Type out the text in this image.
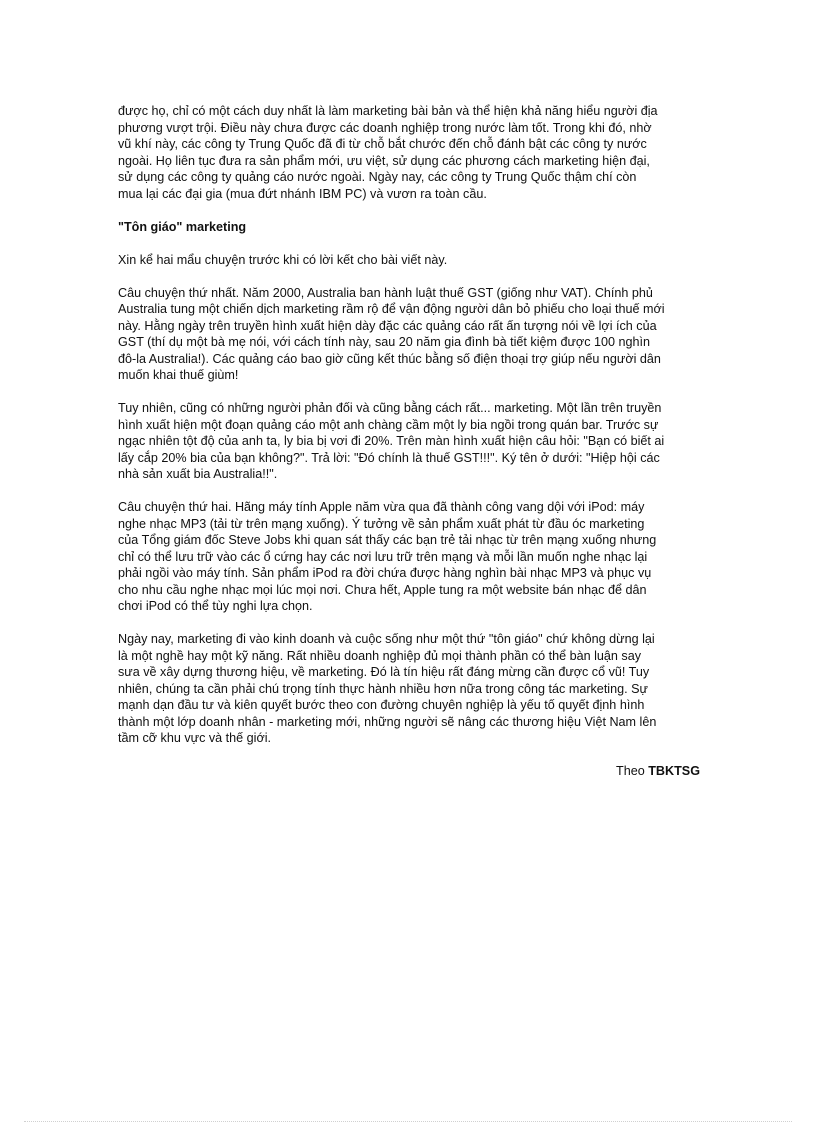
được họ, chỉ có một cách duy nhất là làm marketing bài bản và thể hiện khả năng hiểu người địa
phương vượt trội. Điều này chưa được các doanh nghiệp trong nước làm tốt. Trong khi đó, nhờ
vũ khí này, các công ty Trung Quốc đã đi từ chỗ bắt chước đến chỗ đánh bật các công ty nước
ngoài. Họ liên tục đưa ra sản phẩm mới, ưu việt, sử dụng các phương cách marketing hiện đại,
sử dụng các công ty quảng cáo nước ngoài. Ngày nay, các công ty Trung Quốc thậm chí còn
mua lại các đại gia (mua đứt nhánh IBM PC) và vươn ra toàn cầu.

"Tôn giáo" marketing

Xin kể hai mẩu chuyện trước khi có lời kết cho bài viết này.

Câu chuyện thứ nhất. Năm 2000, Australia ban hành luật thuế GST (giống như VAT). Chính phủ
Australia tung một chiến dịch marketing rầm rộ để vận động người dân bỏ phiếu cho loại thuế mới
này. Hằng ngày trên truyền hình xuất hiện dày đặc các quảng cáo rất ấn tượng nói về lợi ích của
GST (thí dụ một bà mẹ nói, với cách tính này, sau 20 năm gia đình bà tiết kiệm được 100 nghìn
đô-la Australia!). Các quảng cáo bao giờ cũng kết thúc bằng số điện thoại trợ giúp nếu người dân
muốn khai thuế giùm!

Tuy nhiên, cũng có những người phản đối và cũng bằng cách rất... marketing. Một lần trên truyền
hình xuất hiện một đoạn quảng cáo một anh chàng cầm một ly bia ngồi trong quán bar. Trước sự
ngạc nhiên tột độ của anh ta, ly bia bị vơi đi 20%. Trên màn hình xuất hiện câu hỏi: "Bạn có biết ai
lấy cắp 20% bia của bạn không?". Trả lời: "Đó chính là thuế GST!!!". Ký tên ở dưới: "Hiệp hội các
nhà sản xuất bia Australia!!".

Câu chuyện thứ hai. Hãng máy tính Apple năm vừa qua đã thành công vang dội với iPod: máy
nghe nhạc MP3 (tải từ trên mạng xuống). Ý tưởng về sản phẩm xuất phát từ đầu óc marketing
của Tổng giám đốc Steve Jobs khi quan sát thấy các bạn trẻ tải nhạc từ trên mạng xuống nhưng
chỉ có thể lưu trữ vào các ổ cứng hay các nơi lưu trữ trên mạng và mỗi lần muốn nghe nhạc lại
phải ngồi vào máy tính. Sản phẩm iPod ra đời chứa được hàng nghìn bài nhạc MP3 và phục vụ
cho nhu cầu nghe nhạc mọi lúc mọi nơi. Chưa hết, Apple tung ra một website bán nhạc để dân
chơi iPod có thể tùy nghi lựa chọn.

Ngày nay, marketing đi vào kinh doanh và cuộc sống như một thứ "tôn giáo" chứ không dừng lại
là một nghề hay một kỹ năng. Rất nhiều doanh nghiệp đủ mọi thành phần có thể bàn luận say
sưa về xây dựng thương hiệu, về marketing. Đó là tín hiệu rất đáng mừng cần được cổ vũ! Tuy
nhiên, chúng ta cần phải chú trọng tính thực hành nhiều hơn nữa trong công tác marketing. Sự
mạnh dạn đầu tư và kiên quyết bước theo con đường chuyên nghiệp là yếu tố quyết định hình
thành một lớp doanh nhân - marketing mới, những người sẽ nâng các thương hiệu Việt Nam lên
tầm cỡ khu vực và thế giới.

Theo TBKTSG
